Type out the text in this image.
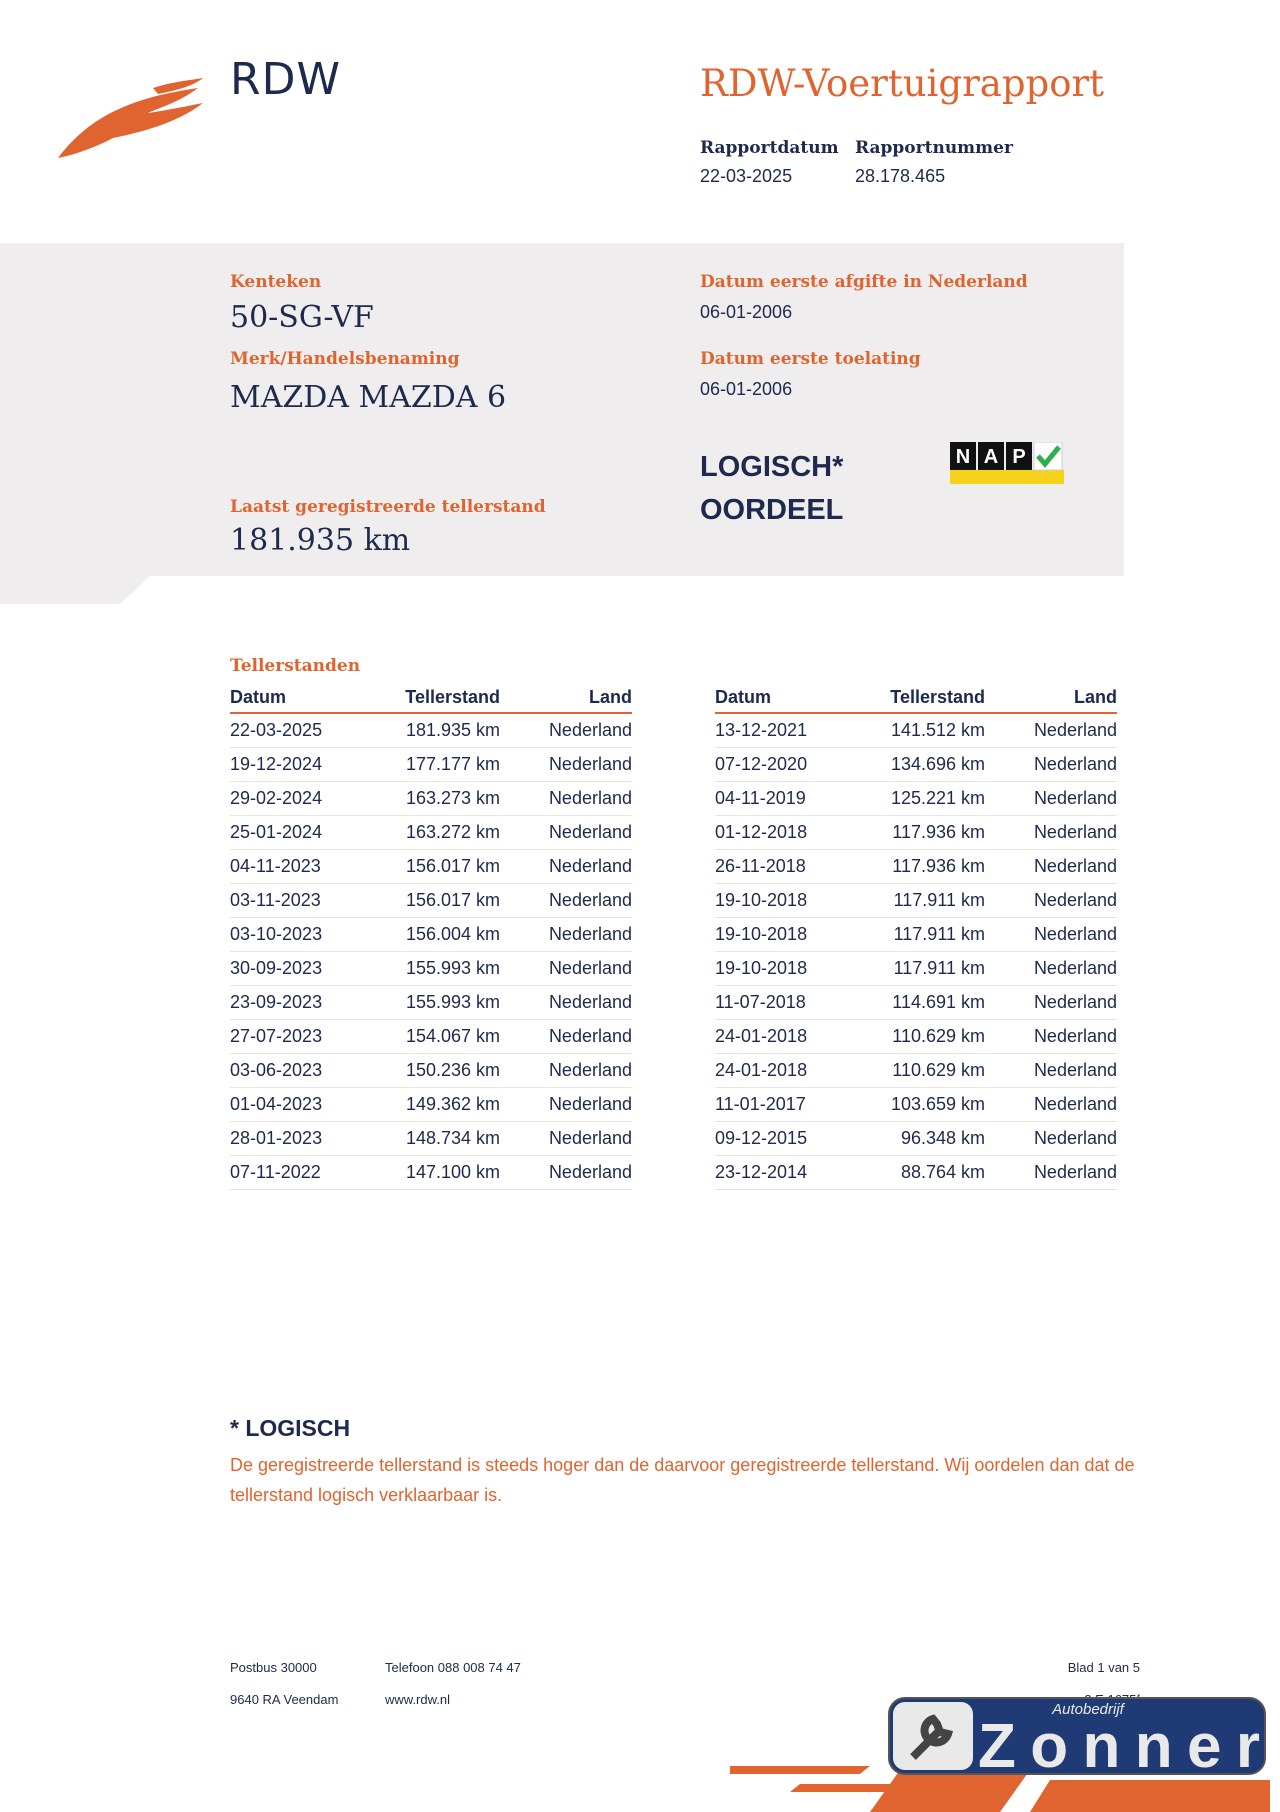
RDW	RDW-Voertuigrapport
Rapportdatum
22-03-2025
Rapportnummer
28.178.465
Kenteken
50-SG-VF
Merk/Handelsbenaming
MAZDA MAZDA 6
Laatst geregistreerde tellerstand
181.935 km
Datum eerste afgifte in Nederland
06-01-2006
Datum eerste toelating
06-01-2006
LOGISCH*
OORDEEL
N A P
Tellerstanden
Datum	Tellerstand	Land
22-03-2025	181.935 km	Nederland
19-12-2024	177.177 km	Nederland
29-02-2024	163.273 km	Nederland
25-01-2024	163.272 km	Nederland
04-11-2023	156.017 km	Nederland
03-11-2023	156.017 km	Nederland
03-10-2023	156.004 km	Nederland
30-09-2023	155.993 km	Nederland
23-09-2023	155.993 km	Nederland
27-07-2023	154.067 km	Nederland
03-06-2023	150.236 km	Nederland
01-04-2023	149.362 km	Nederland
28-01-2023	148.734 km	Nederland
07-11-2022	147.100 km	Nederland
Datum	Tellerstand	Land
13-12-2021	141.512 km	Nederland
07-12-2020	134.696 km	Nederland
04-11-2019	125.221 km	Nederland
01-12-2018	117.936 km	Nederland
26-11-2018	117.936 km	Nederland
19-10-2018	117.911 km	Nederland
19-10-2018	117.911 km	Nederland
19-10-2018	117.911 km	Nederland
11-07-2018	114.691 km	Nederland
24-01-2018	110.629 km	Nederland
24-01-2018	110.629 km	Nederland
11-01-2017	103.659 km	Nederland
09-12-2015	96.348 km	Nederland
23-12-2014	88.764 km	Nederland
* LOGISCH
De geregistreerde tellerstand is steeds hoger dan de daarvoor geregistreerde tellerstand. Wij oordelen dan dat de tellerstand logisch verklaarbaar is.
Postbus 30000
9640 RA Veendam
Telefoon 088 008 74 47
www.rdw.nl
Blad 1 van 5
Autobedrijf
Zonner
